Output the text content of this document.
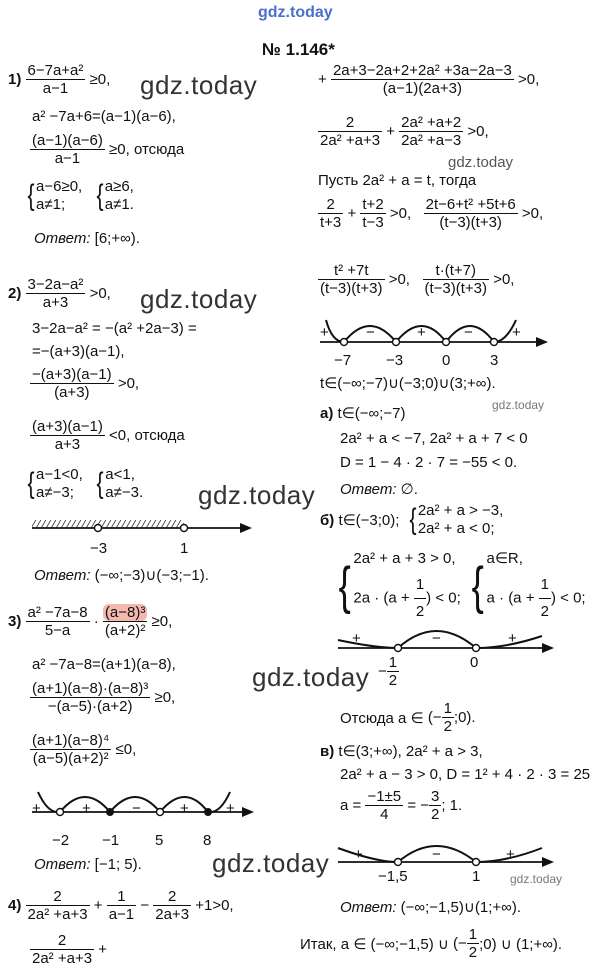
gdz.today
№ 1.146*
gdz.today
gdz.today
gdz.today
gdz.today
gdz.today
gdz.today
gdz.today
gdz.today
$1) \frac{\text{6−7a+a²}}{a-1} \ge 0$,
a² −7a+6=(a−1)(a−6),
$\frac{(a-1)(a-6)}{a-1} \ge 0$, отсюда
{ a−6≥0,
a≠1; { a≥6,
a≠1.
Ответ: [6;+∞).
$2) \frac{\text{3−2a−a²}}{a+3} >0$,
3−2a−a² = −(a² +2a−3) =
=−(a+3)(a−1),
$\frac{-(a+3)(a-1)}{(a+3)} >0$,
$\frac{(a+3)(a-1)}{a+3} <0$, отсюда
{ a−1<0,
a≠−3; { a<1,
a≠−3.
−3	1
Ответ: (−∞;−3)∪(−3;−1).
$3) \frac{\text{a² −7a−8}}{5-a} \cdot \frac{\text{(a−8)³}}{\text{(a+2)²}} \ge 0$,
a² −7a−8=(a+1)(a−8),
$\frac{\text{(a+1)(a−8)·(a−8)³}}{-(a-5)\cdot(a+2)} \ge 0$,
$\frac{\text{(a+1)(a−8)⁴}}{\text{(a−5)(a+2)²}} \le 0$,
+	+	−	+ +
−2 −1 5	8
Ответ: [−1; 5).
$4) \frac{2}{\text{2a² +a+3}} + \frac{1}{a-1} - \frac{2}{2a+3} +1>0$,
$\frac{2}{\text{2a² +a+3}}$ +
+ $\frac{\text{2a+3−2a+2+2a² +3a−2a−3}}{(a-1)(2a+3)} >0$,
$\frac{2}{\text{2a² +a+3}} + \frac{\text{2a² +a+2}}{\text{2a² +a−3}} >0$,
Пусть 2a² + a = t, тогда
$\frac{2}{t+3} + \frac{t+2}{t-3} >0$, $\frac{\text{2t−6+t² +5t+6}}{(t-3)(t+3)} >0$,
$\frac{\text{t² +7t}}{(t-3)(t+3)} >0$, $\frac{t\cdot(t+7)}{(t-3)(t+3)} >0$,
+ −	+	−	+
−7 −3	0	3
t∈(−∞;−7)∪(−3;0)∪(3;+∞).
а) t∈(−∞;−7)
2a² + a < −7, 2a² + a + 7 < 0
D = 1 − 4 · 2 · 7 = −55 < 0.
Ответ: ∅.
б) t∈(−3;0); { 2a² + a > −3,
2a² + a < 0;
{ 2a² + a + 3 > 0,
$2a \cdot (a + \frac{1}{2}$ ) < 0; { a∈R,
$a \cdot (a + \frac{1}{2}$ ) < 0;
+	−	+
− $\frac{1}{2}$	0
Отсюда a ∈ (− $\frac{1}{2}$ ;0).
в) t∈(3;+∞), 2a² + a > 3,
2a² + a − 3 > 0, D = 1² + 4 · 2 · 3 = 25
$a = \frac{-1\pm 5}{4}$ = − $\frac{3}{2}$ ; 1.
+	−	+
−1,5	1
Ответ: (−∞;−1,5)∪(1;+∞).
Итак, a ∈ (−∞;−1,5) ∪ (− $\frac{1}{2}$ ;0) ∪ (1;+∞).
